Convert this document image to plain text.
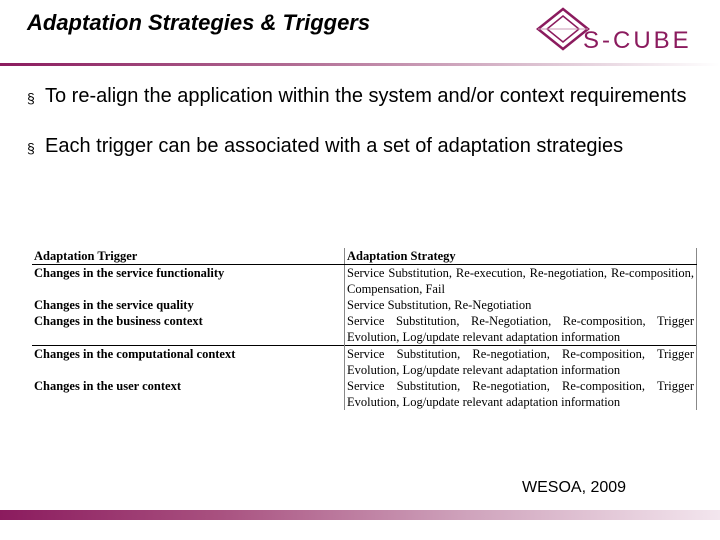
Adaptation Strategies & Triggers
S-CUBE
§ To re-align the application within the system and/or context requirements
§ Each trigger can be associated with a set of adaptation strategies
Adaptation Trigger	Adaptation Strategy
Changes in the service functionality	Service Substitution, Re-execution, Re-negotiation, Re-composition, Compensation, Fail
Changes in the service quality	Service Substitution, Re-Negotiation
Changes in the business context	Service Substitution, Re-Negotiation, Re-composition, Trigger Evolution, Log/update relevant adaptation information
Changes in the computational context	Service Substitution, Re-negotiation, Re-composition, Trigger Evolution, Log/update relevant adaptation information
Changes in the user context	Service Substitution, Re-negotiation, Re-composition, Trigger Evolution, Log/update relevant adaptation information
WESOA, 2009
